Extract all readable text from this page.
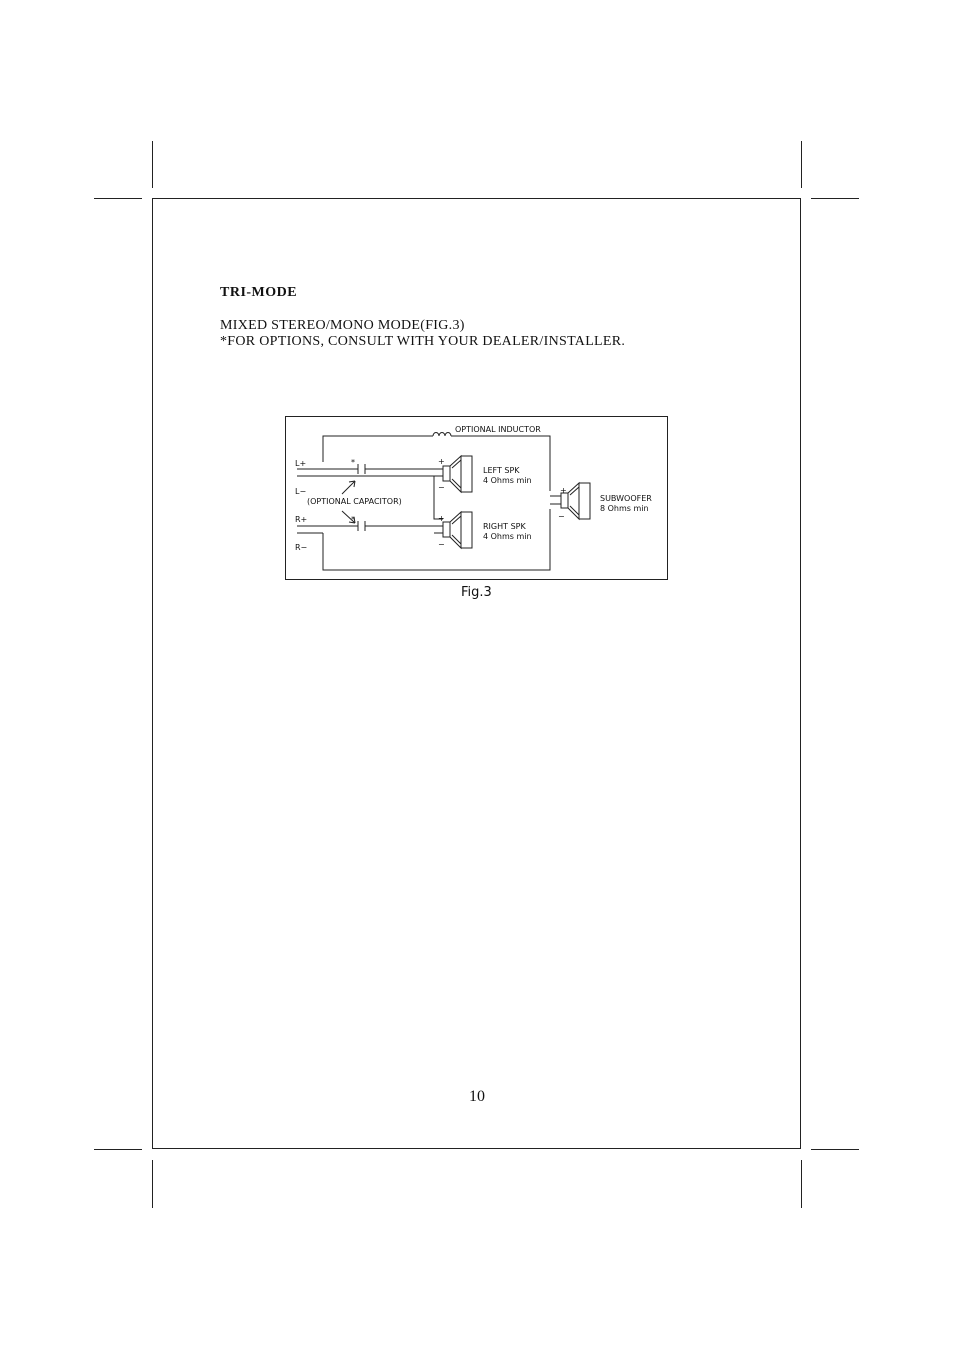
TRI-MODE
MIXED STEREO/MONO MODE(FIG.3)
*FOR OPTIONS, CONSULT WITH YOUR DEALER/INSTALLER.
OPTIONAL INDUCTOR
L+
L−
R+
R−
(OPTIONAL CAPACITOR)
*
*
+
−
+
−
+
−
LEFT SPK
4 Ohms min
RIGHT SPK
4 Ohms min
SUBWOOFER
8 Ohms min
Fig.3
10
